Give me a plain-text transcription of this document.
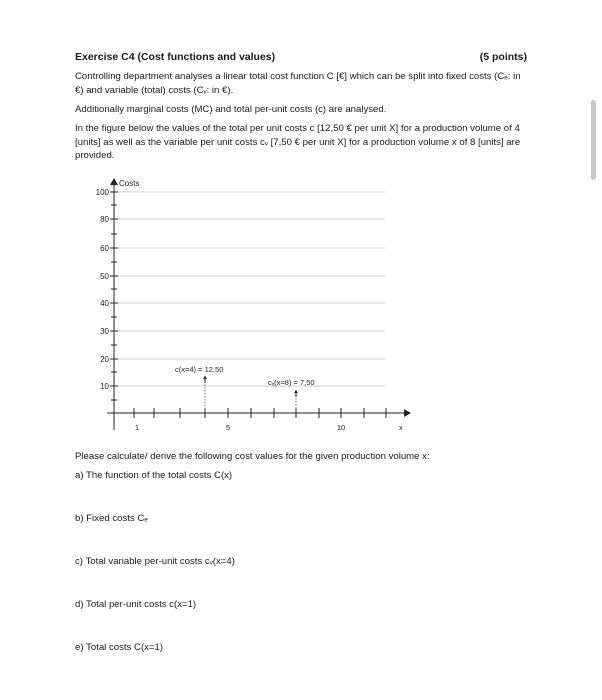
Exercise C4 (Cost functions and values)	(5 points)
Controlling department analyses a linear total cost function C [€] which can be split into fixed costs (Cₑ: in €) and variable (total) costs (Cᵥ: in €).
Additionally marginal costs (MC) and total per-unit costs (c) are analysed.
In the figure below the values of the total per unit costs c [12,50 € per unit X] for a production volume of 4 [units] as well as the variable per unit costs cᵥ [7,50 € per unit X] for a production volume x of 8 [units] are provided.
Please calculate/ derive the following cost values for the given production volume x:
a) The function of the total costs C(x)
b) Fixed costs Cₑ
c) Total variable per-unit costs cᵥ(x=4)
d) Total per-unit costs c(x=1)
e) Total costs C(x=1)
100
80
60
50
40
30
20
10
Costs
x
1	5	10
c(x=4) = 12,50
cᵥ(x=8) = 7,50
